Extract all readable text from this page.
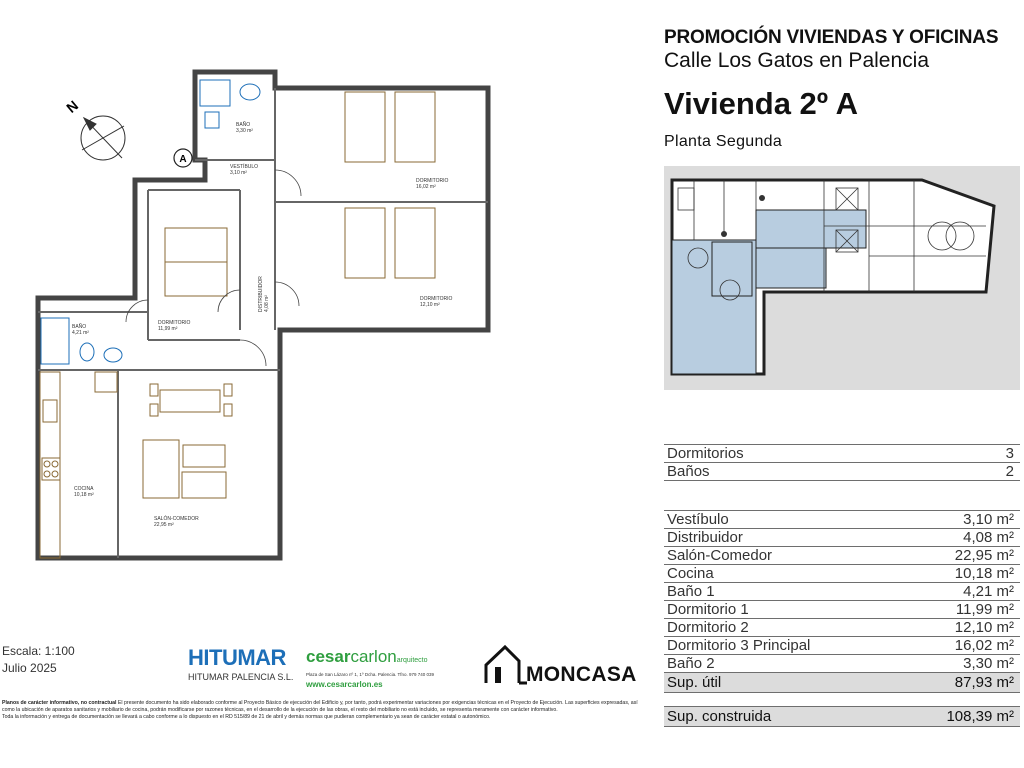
PROMOCIÓN VIVIENDAS Y OFICINAS
Calle Los Gatos en Palencia
Vivienda 2º A
Planta Segunda
Dormitorios	3
Baños	2
Vestíbulo	3,10 m²
Distribuidor	4,08 m²
Salón-Comedor	22,95 m²
Cocina	10,18 m²
Baño 1	4,21 m²
Dormitorio 1	11,99 m²
Dormitorio 2	12,10 m²
Dormitorio 3 Principal	16,02 m²
Baño 2	3,30 m²
Sup. útil	87,93 m²
Sup. construida	108,39 m²
N
A
BAÑO
3,30 m²
VESTÍBULO
3,10 m²
DORMITORIO
16,02 m²
DISTRIBUIDOR 4,08 m²	DORMITORIO
12,10 m²
BAÑO
4,21 m²
DORMITORIO
11,99 m²
COCINA
10,18 m²
SALÓN-COMEDOR
22,95 m²
Escala: 1:100
Julio 2025	HITUMAR
HITUMAR PALENCIA S.L.
cesarcarlonarquitecto
Plaza de San Lázaro nº 1, 1º Dcha. Palencia. Tfno. 979 740 039
www.cesarcarlon.es	MONCASA
Planos de carácter informativo, no contractual El presente documento ha sido elaborado conforme al Proyecto Básico de ejecución del Edificio y, por tanto, podrá experimentar variaciones por exigencias técnicas en el Proyecto de Ejecución. Las superficies expresadas, así como la ubicación de aparatos sanitarios y mobiliario de cocina, podrán modificarse por razones técnicas, en el desarrollo de la ejecución de las obras, el resto del mobiliario no está incluido, se representa meramente con carácter informativo.
Toda la información y entrega de documentación se llevará a cabo conforme a lo dispuesto en el RD 515/89 de 21 de abril y demás normas que pudieran complementario ya sean de carácter estatal o autonómico.
